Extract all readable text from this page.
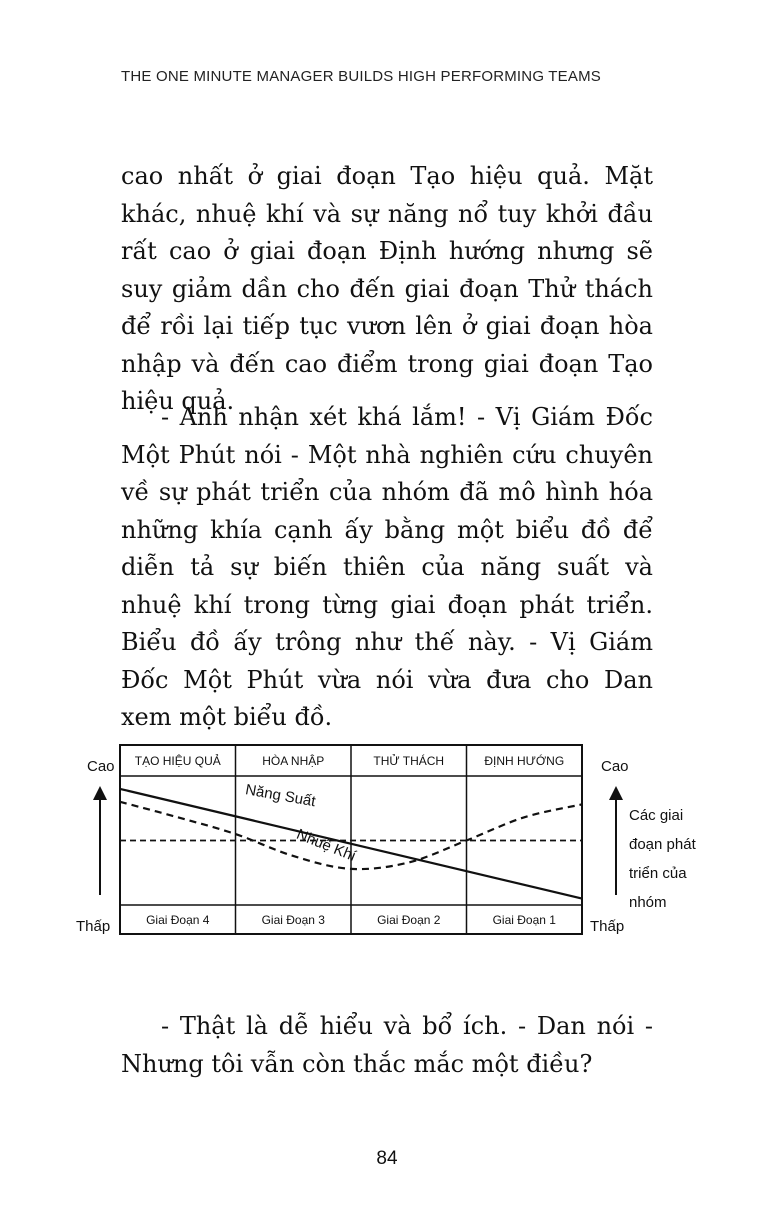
THE ONE MINUTE MANAGER BUILDS HIGH PERFORMING TEAMS

cao nhất ở giai đoạn Tạo hiệu quả. Mặt khác, nhuệ khí và sự năng nổ tuy khởi đầu rất cao ở giai đoạn Định hướng nhưng sẽ suy giảm dần cho đến giai đoạn Thử thách để rồi lại tiếp tục vươn lên ở giai đoạn hòa nhập và đến cao điểm trong giai đoạn Tạo hiệu quả.

- Anh nhận xét khá lắm! - Vị Giám Đốc Một Phút nói - Một nhà nghiên cứu chuyên về sự phát triển của nhóm đã mô hình hóa những khía cạnh ấy bằng một biểu đồ để diễn tả sự biến thiên của năng suất và nhuệ khí trong từng giai đoạn phát triển. Biểu đồ ấy trông như thế này. - Vị Giám Đốc Một Phút vừa nói vừa đưa cho Dan xem một biểu đồ.

TẠO HIỆU QUẢ	HÒA NHẬP	THỬ THÁCH	ĐỊNH HƯỚNG
Giai Đoạn 4	Giai Đoạn 3	Giai Đoạn 2	Giai Đoạn 1
Năng Suất
Nhuệ Khí
Cao
Thấp
Cao
Thấp
Các giai
đoạn phát
triển của
nhóm

- Thật là dễ hiểu và bổ ích. - Dan nói - Nhưng tôi vẫn còn thắc mắc một điều?

84
